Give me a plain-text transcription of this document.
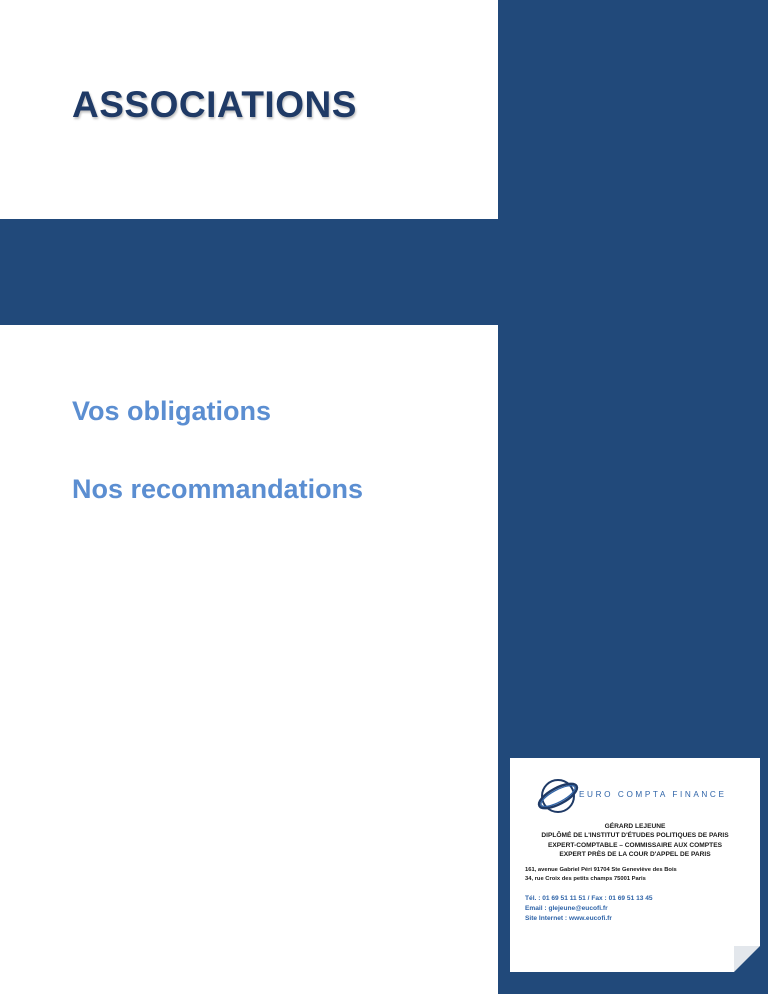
ASSOCIATIONS
Vos obligations
Nos recommandations
EURO COMPTA FINANCE
GÉRARD LEJEUNE
DIPLÔMÉ DE L'INSTITUT D'ÉTUDES POLITIQUES DE PARIS
EXPERT-COMPTABLE – COMMISSAIRE AUX COMPTES
EXPERT PRÈS DE LA COUR D'APPEL DE PARIS
161, avenue Gabriel Péri 91704 Ste Geneviève des Bois
34, rue Croix des petits champs 75001 Paris
Tél. : 01 69 51 11 51 / Fax : 01 69 51 13 45
Email : glejeune@eucofi.fr
Site Internet : www.eucofi.fr
